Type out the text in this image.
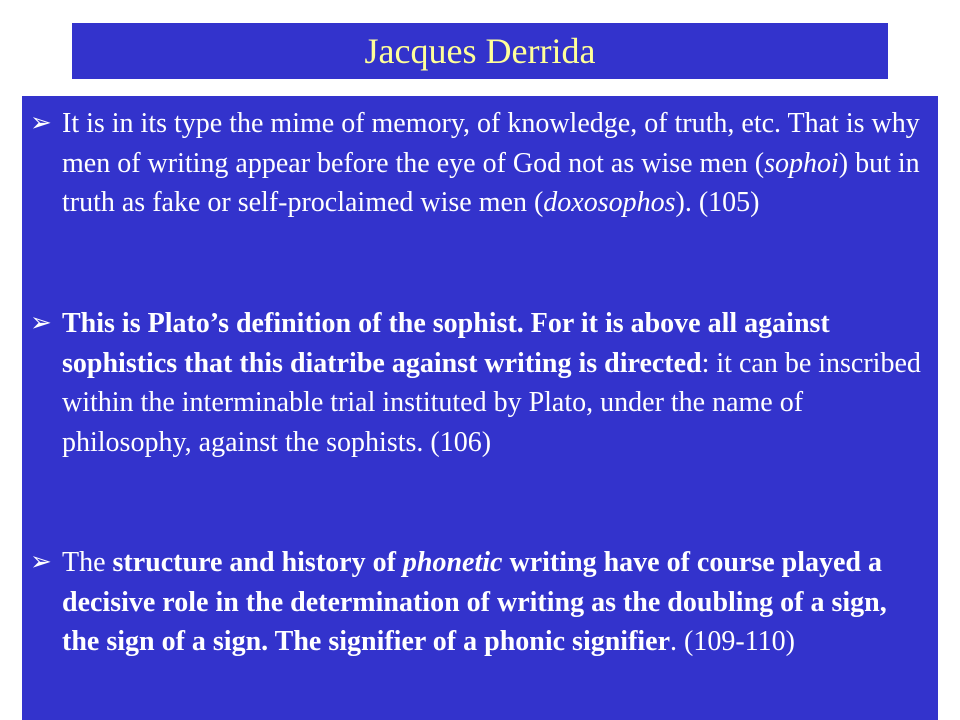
Jacques Derrida
➢ It is in its type the mime of memory, of knowledge, of truth, etc. That is why men of writing appear before the eye of God not as wise men (sophoi) but in truth as fake or self-proclaimed wise men (doxosophos). (105)
➢ This is Plato’s definition of the sophist. For it is above all against sophistics that this diatribe against writing is directed: it can be inscribed within the interminable trial instituted by Plato, under the name of philosophy, against the sophists. (106)
➢ The structure and history of phonetic writing have of course played a decisive role in the determination of writing as the doubling of a sign, the sign of a sign. The signifier of a phonic signifier. (109-110)
